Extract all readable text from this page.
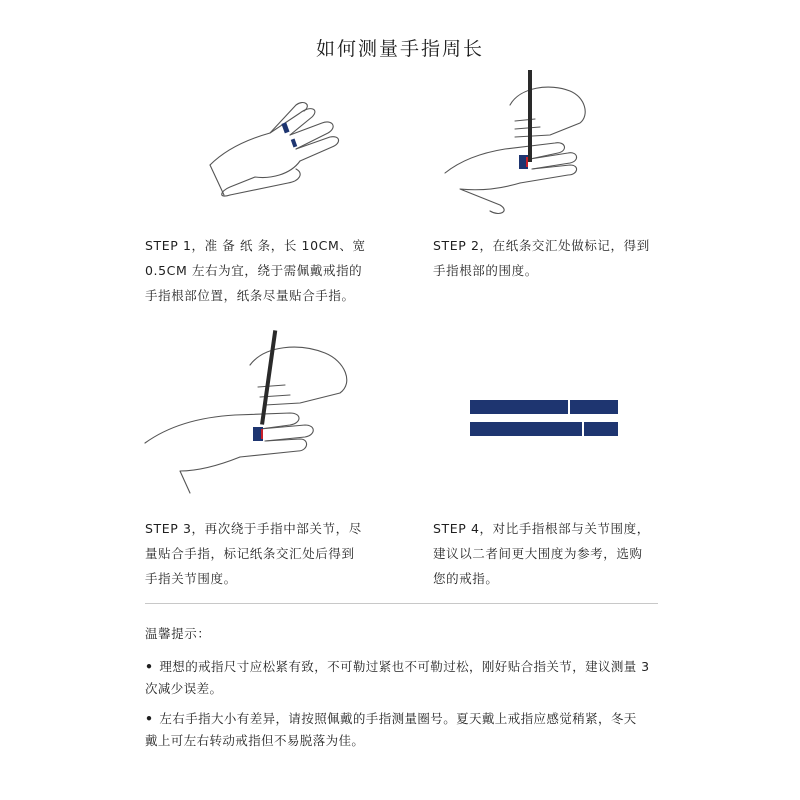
如何测量手指周长

STEP 1，准 备 纸 条，长 10CM、宽

0.5CM 左右为宜，绕于需佩戴戒指的

手指根部位置，纸条尽量贴合手指。

STEP 2，在纸条交汇处做标记，得到

手指根部的围度。

STEP 3，再次绕于手指中部关节，尽

量贴合手指，标记纸条交汇处后得到

手指关节围度。

STEP 4，对比手指根部与关节围度，

建议以二者间更大围度为参考，选购

您的戒指。

温馨提示：

• 理想的戒指尺寸应松紧有致，不可勒过紧也不可勒过松，刚好贴合指关节，建议测量 3

次减少误差。

• 左右手指大小有差异，请按照佩戴的手指测量圈号。夏天戴上戒指应感觉稍紧，冬天

戴上可左右转动戒指但不易脱落为佳。
